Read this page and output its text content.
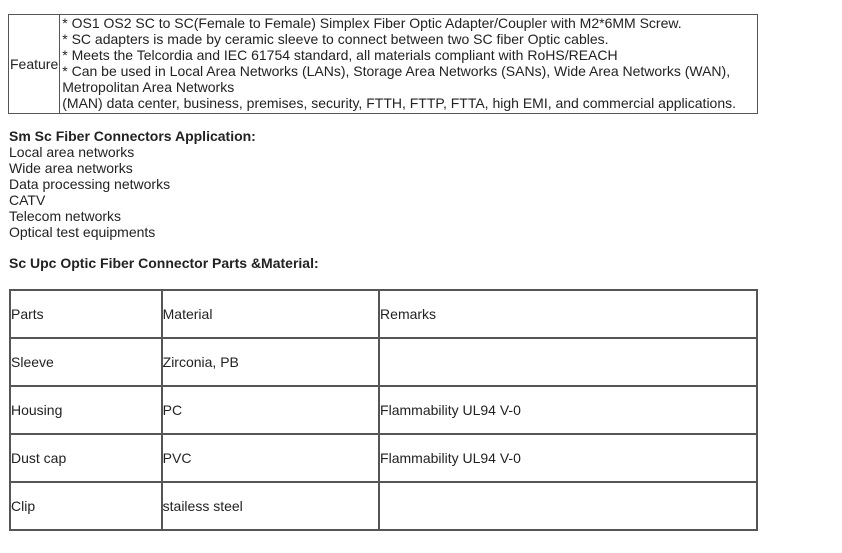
Feature	
* OS1 OS2 SC to SC(Female to Female) Simplex Fiber Optic Adapter/Coupler with M2*6MM Screw.
* SC adapters is made by ceramic sleeve to connect between two SC fiber Optic cables.
* Meets the Telcordia and IEC 61754 standard, all materials compliant with RoHS/REACH
* Can be used in Local Area Networks (LANs), Storage Area Networks (SANs), Wide Area Networks (WAN),
Metropolitan Area Networks
(MAN) data center, business, premises, security, FTTH, FTTP, FTTA, high EMI, and commercial applications.

Sm Sc Fiber Connectors Application:

Local area networks
Wide area networks
Data processing networks
CATV
Telecom networks
Optical test equipments

Sc Upc Optic Fiber Connector Parts &Material:

Parts	Material	Remarks
Sleeve	Zirconia, PB	
Housing	PC	Flammability UL94 V-0
Dust cap	PVC	Flammability UL94 V-0
Clip	stailess steel	
